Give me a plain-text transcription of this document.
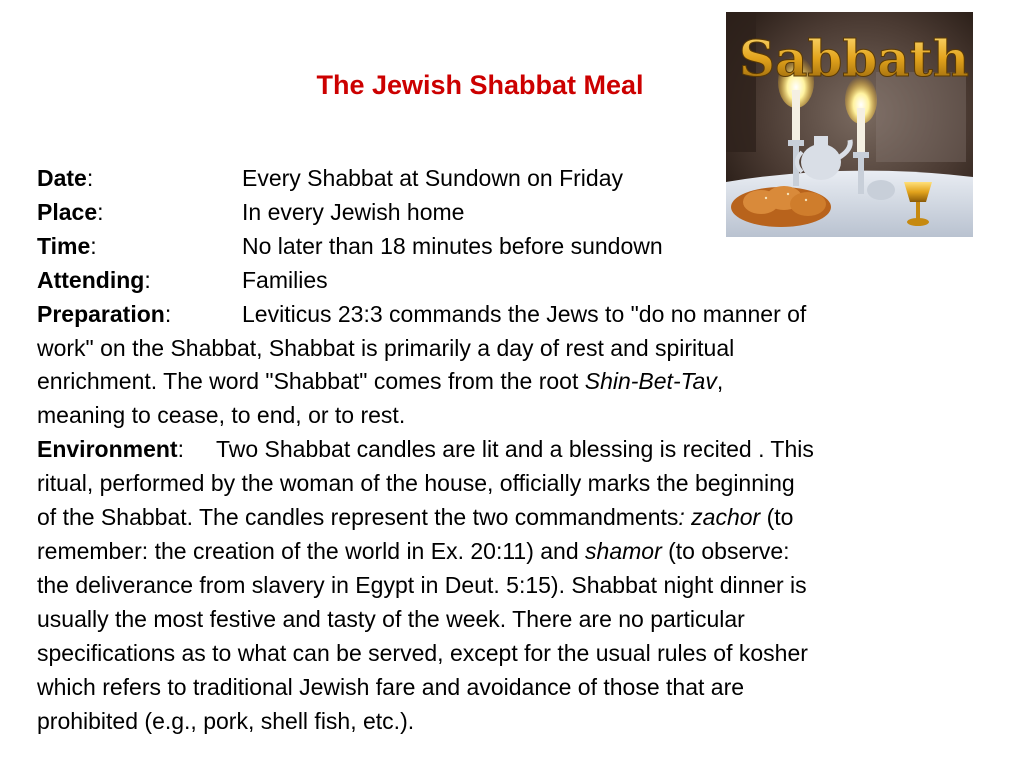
The Jewish Shabbat Meal	Sabbath
Date:	Every Shabbat at Sundown on Friday
Place:	In every Jewish home
Time:	No later than 18 minutes before sundown
Attending:	Families
Preparation:	Leviticus 23:3 commands the Jews to "do no manner of
work" on the Shabbat, Shabbat is primarily a day of rest and spiritual
enrichment. The word "Shabbat" comes from the root Shin-Bet-Tav,
meaning to cease, to end, or to rest.
Environment: Two Shabbat candles are lit and a blessing is recited . This
ritual, performed by the woman of the house, officially marks the beginning
of the Shabbat. The candles represent the two commandments: zachor (to
remember: the creation of the world in Ex. 20:11) and shamor (to observe:
the deliverance from slavery in Egypt in Deut. 5:15). Shabbat night dinner is
usually the most festive and tasty of the week. There are no particular
specifications as to what can be served, except for the usual rules of kosher
which refers to traditional Jewish fare and avoidance of those that are
prohibited (e.g., pork, shell fish, etc.).
